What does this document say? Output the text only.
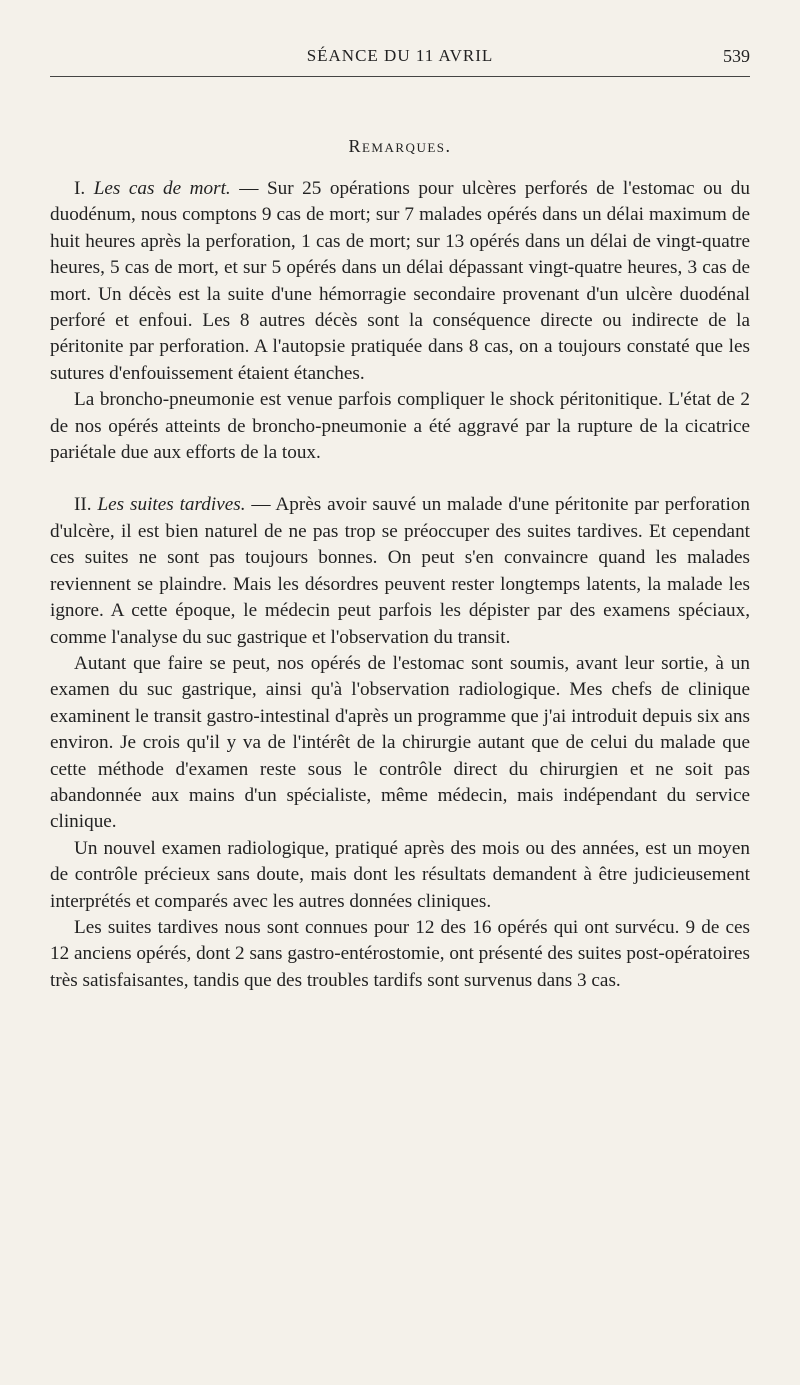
SÉANCE DU 11 AVRIL	539
Remarques.

I. Les cas de mort. — Sur 25 opérations pour ulcères perforés de l'estomac ou du duodénum, nous comptons 9 cas de mort; sur 7 malades opérés dans un délai maximum de huit heures après la perforation, 1 cas de mort; sur 13 opérés dans un délai de vingt-quatre heures, 5 cas de mort, et sur 5 opérés dans un délai dépassant vingt-quatre heures, 3 cas de mort. Un décès est la suite d'une hémorragie secondaire provenant d'un ulcère duodénal perforé et enfoui. Les 8 autres décès sont la conséquence directe ou indirecte de la péritonite par perforation. A l'autopsie pratiquée dans 8 cas, on a toujours constaté que les sutures d'enfouissement étaient étanches.

La broncho-pneumonie est venue parfois compliquer le shock péritonitique. L'état de 2 de nos opérés atteints de broncho-pneumonie a été aggravé par la rupture de la cicatrice pariétale due aux efforts de la toux.

II. Les suites tardives. — Après avoir sauvé un malade d'une péritonite par perforation d'ulcère, il est bien naturel de ne pas trop se préoccuper des suites tardives. Et cependant ces suites ne sont pas toujours bonnes. On peut s'en convaincre quand les malades reviennent se plaindre. Mais les désordres peuvent rester longtemps latents, la malade les ignore. A cette époque, le médecin peut parfois les dépister par des examens spéciaux, comme l'analyse du suc gastrique et l'observation du transit.

Autant que faire se peut, nos opérés de l'estomac sont soumis, avant leur sortie, à un examen du suc gastrique, ainsi qu'à l'observation radiologique. Mes chefs de clinique examinent le transit gastro-intestinal d'après un programme que j'ai introduit depuis six ans environ. Je crois qu'il y va de l'intérêt de la chirurgie autant que de celui du malade que cette méthode d'examen reste sous le contrôle direct du chirurgien et ne soit pas abandonnée aux mains d'un spécialiste, même médecin, mais indépendant du service clinique.

Un nouvel examen radiologique, pratiqué après des mois ou des années, est un moyen de contrôle précieux sans doute, mais dont les résultats demandent à être judicieusement interprétés et comparés avec les autres données cliniques.

Les suites tardives nous sont connues pour 12 des 16 opérés qui ont survécu. 9 de ces 12 anciens opérés, dont 2 sans gastro-entérostomie, ont présenté des suites post-opératoires très satisfaisantes, tandis que des troubles tardifs sont survenus dans 3 cas.
